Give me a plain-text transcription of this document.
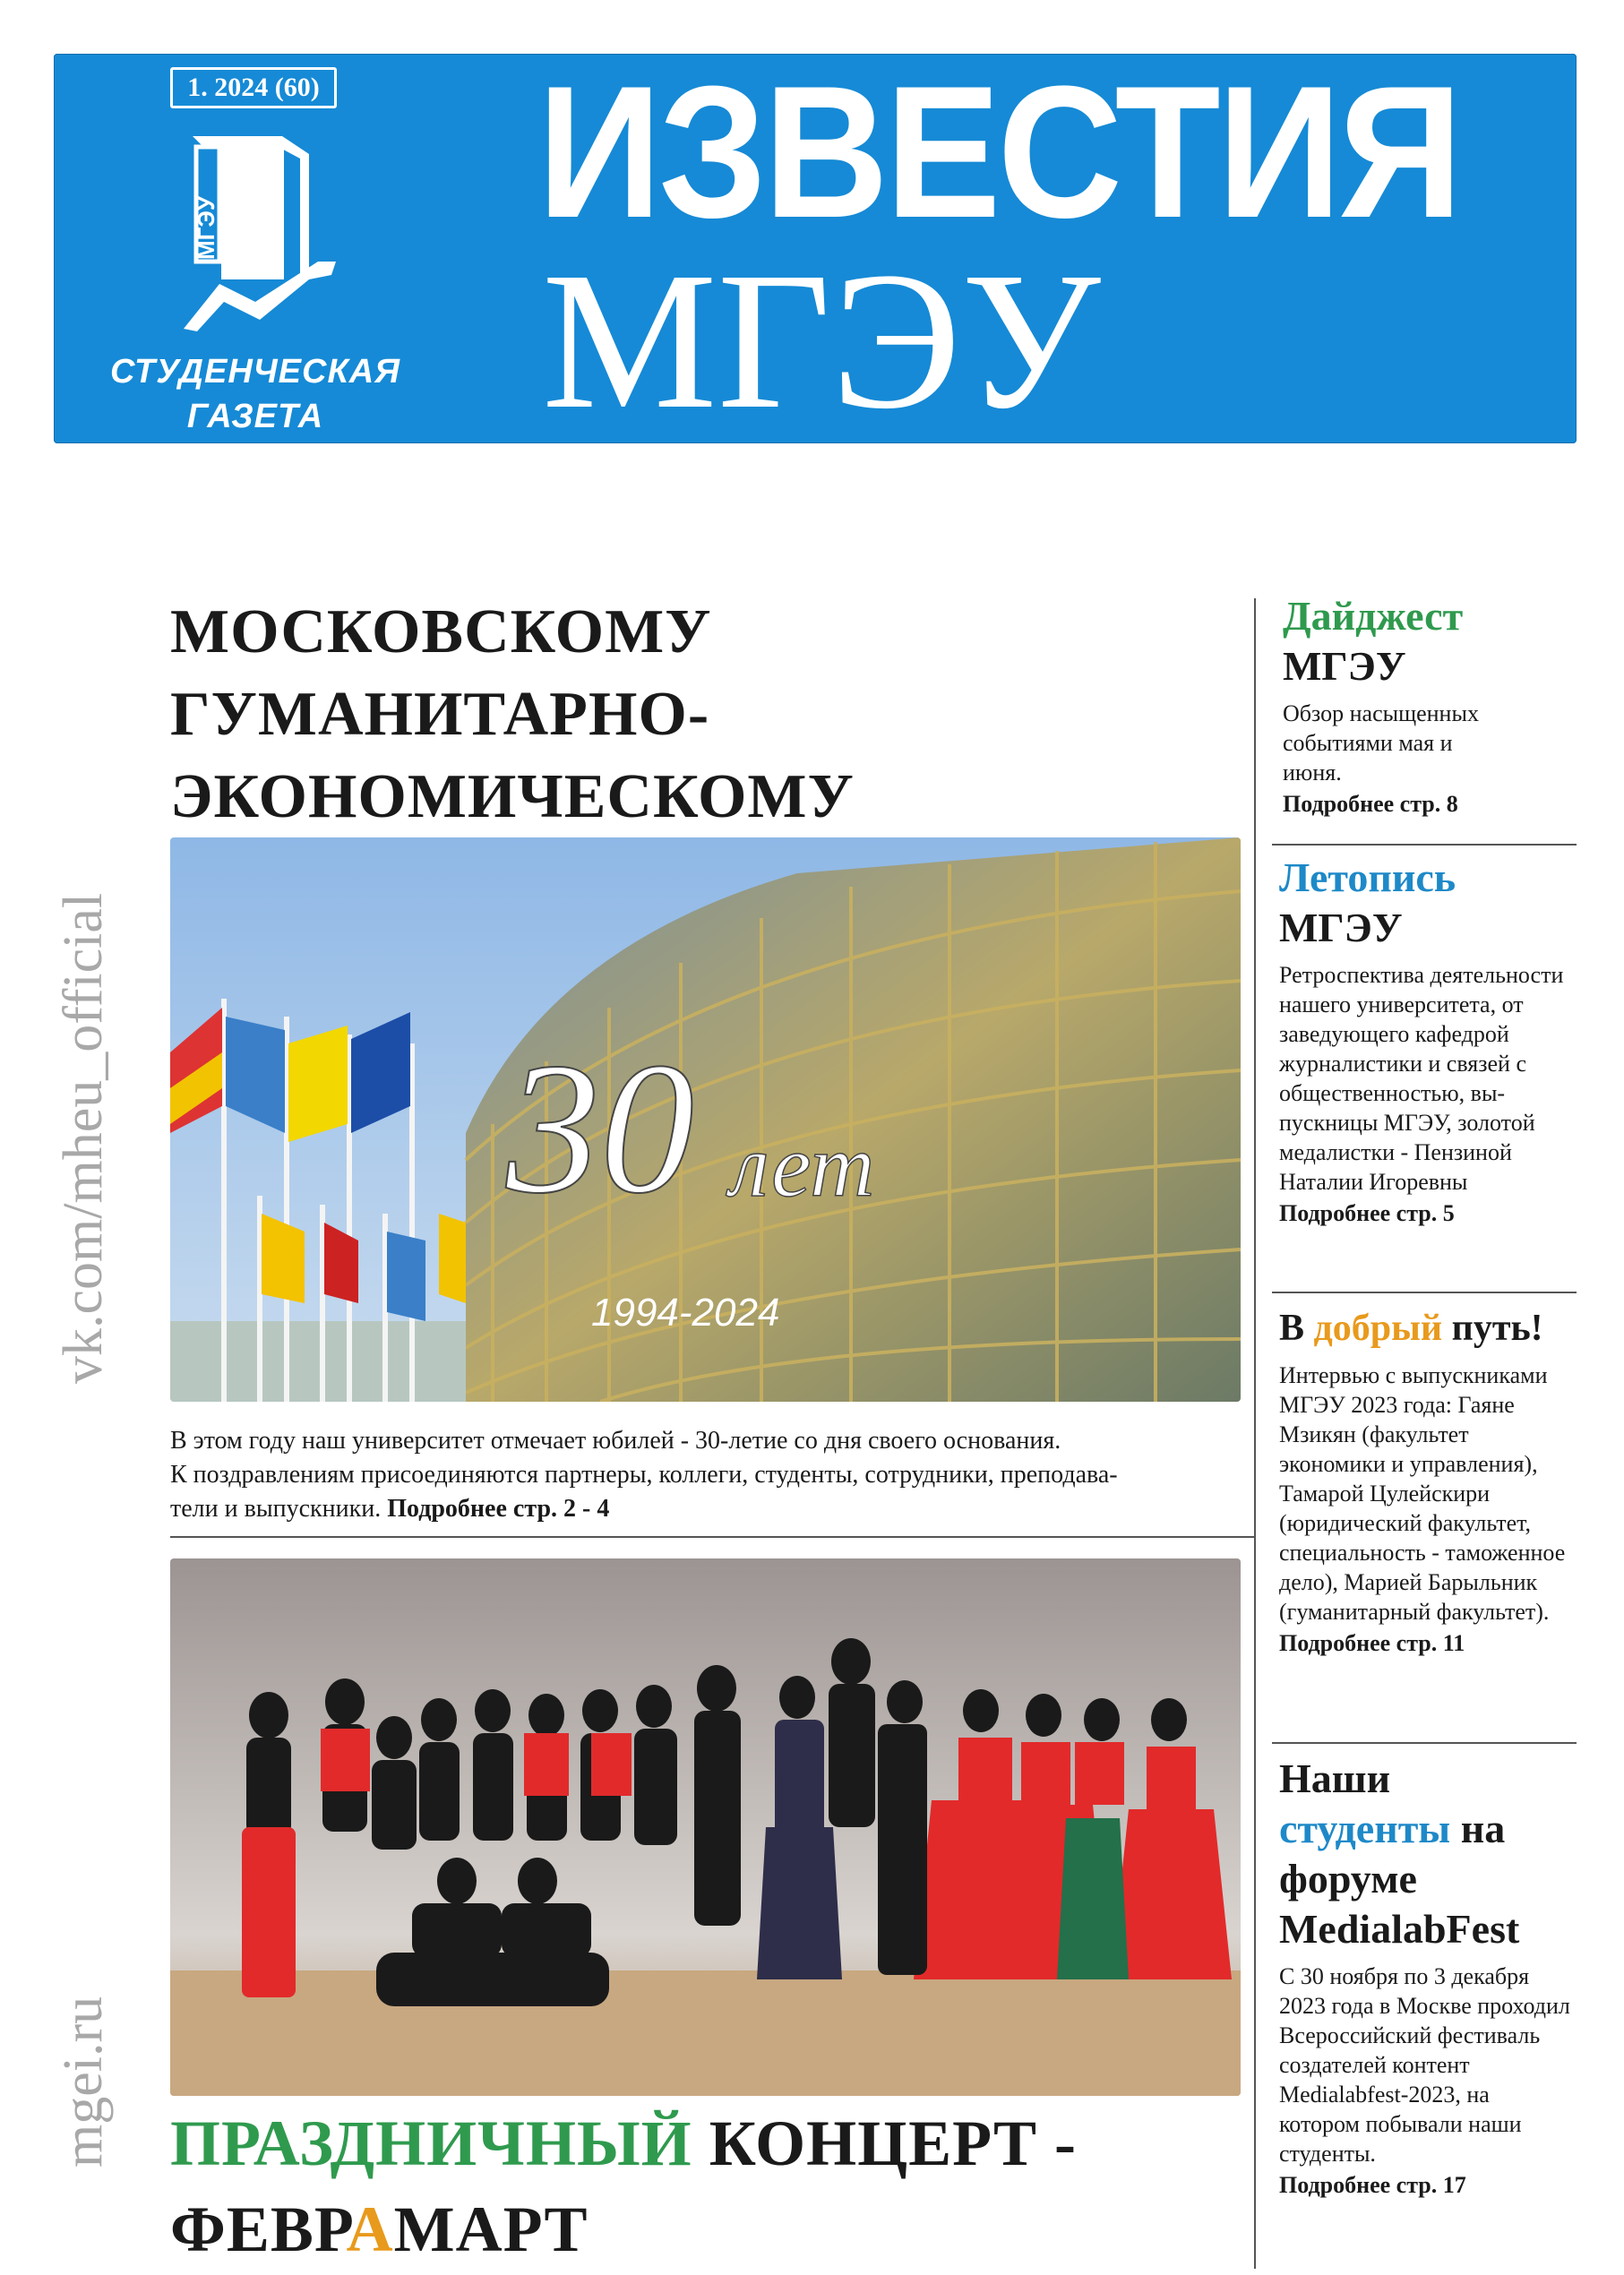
1. 2024 (60)
МГЭУ
СТУДЕНЧЕСКАЯ
ГАЗЕТА
ИЗВЕСТИЯ
МГЭУ
vk.com/mheu_official
mgei.ru
МОСКОВСКОМУ ГУМАНИТАРНО-
ЭКОНОМИЧЕСКОМУ
30 лет
1994-2024
В этом году наш университет отмечает юбилей - 30-летие со дня своего основания.
К поздравлениям присоединяются партнеры, коллеги, студенты, сотрудники, преподава-
тели и выпускники. Подробнее стр. 2 - 4
ПРАЗДНИЧНЫЙ КОНЦЕРТ -
ФЕВРАМАРТ
Дайджест
МГЭУ
Обзор насыщенных событиями мая и июня.
Подробнее стр. 8
Летопись
МГЭУ
Ретроспектива деятельности нашего университета, от заведующего кафедрой журналистики и связей с общественностью, выпускницы МГЭУ, золотой медалистки - Пензиной Наталии Игоревны
Подробнее стр. 5
В добрый путь!
Интервью с выпускниками МГЭУ 2023 года: Гаяне Мзикян (факультет экономики и управления), Тамарой Цулейскири (юридический факультет, специальность - таможенное дело), Марией Барыльник (гуманитарный факультет).
Подробнее стр. 11
Наши
студенты на
форуме
MedialabFest
С 30 ноября по 3 декабря 2023 года в Москве проходил Всероссийский фестиваль создателей контент Medialabfest-2023, на котором побывали наши студенты.
Подробнее стр. 17
